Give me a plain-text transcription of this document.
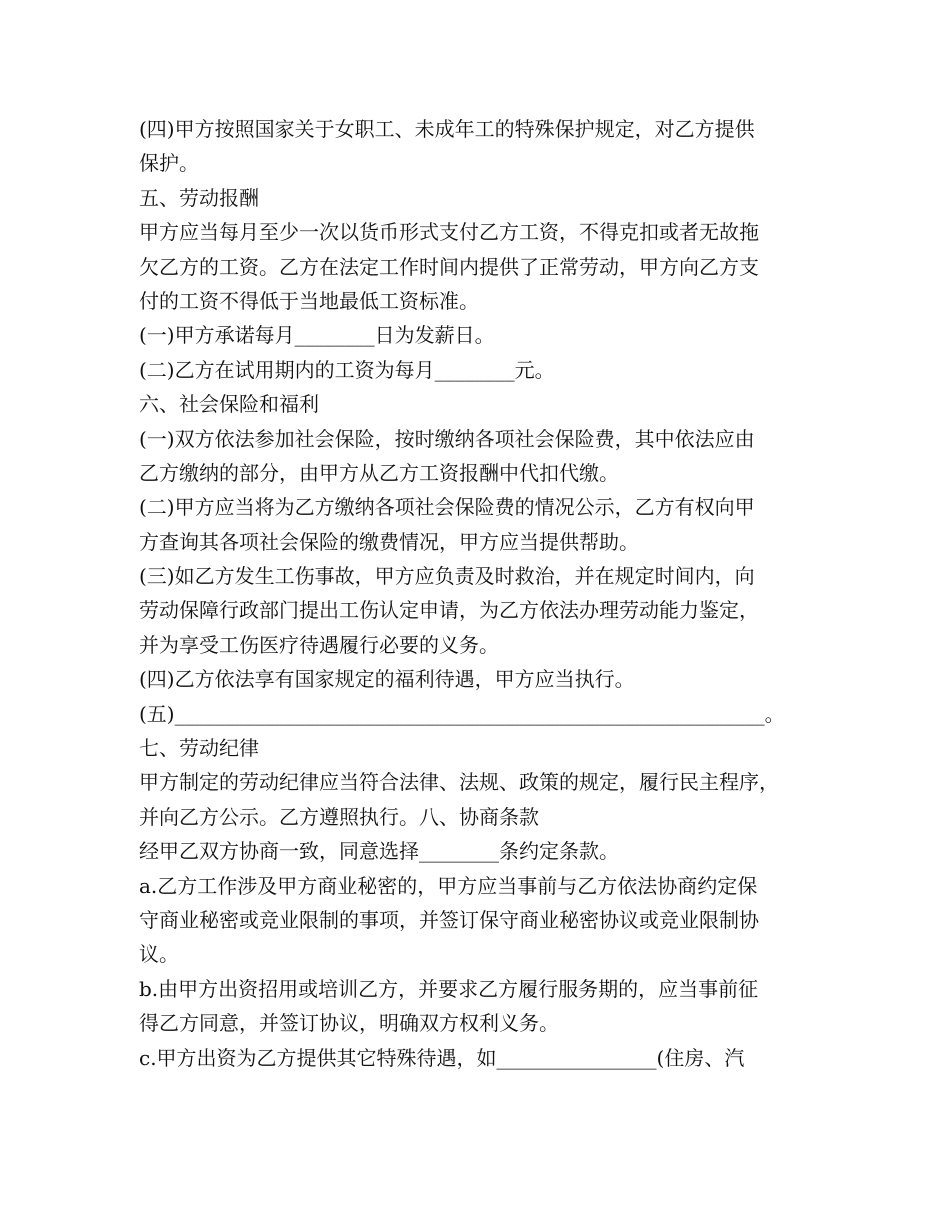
(四)甲方按照国家关于女职工、未成年工的特殊保护规定，对乙方提供
保护。
五、劳动报酬
甲方应当每月至少一次以货币形式支付乙方工资，不得克扣或者无故拖
欠乙方的工资。乙方在法定工作时间内提供了正常劳动，甲方向乙方支
付的工资不得低于当地最低工资标准。
(一)甲方承诺每月________日为发薪日。
(二)乙方在试用期内的工资为每月________元。
六、社会保险和福利
(一)双方依法参加社会保险，按时缴纳各项社会保险费，其中依法应由
乙方缴纳的部分，由甲方从乙方工资报酬中代扣代缴。
(二)甲方应当将为乙方缴纳各项社会保险费的情况公示，乙方有权向甲
方查询其各项社会保险的缴费情况，甲方应当提供帮助。
(三)如乙方发生工伤事故，甲方应负责及时救治，并在规定时间内，向
劳动保障行政部门提出工伤认定申请，为乙方依法办理劳动能力鉴定，
并为享受工伤医疗待遇履行必要的义务。
(四)乙方依法享有国家规定的福利待遇，甲方应当执行。
(五)___________________________________________________________。
七、劳动纪律
甲方制定的劳动纪律应当符合法律、法规、政策的规定，履行民主程序，
并向乙方公示。乙方遵照执行。八、协商条款
经甲乙双方协商一致，同意选择________条约定条款。
a.乙方工作涉及甲方商业秘密的，甲方应当事前与乙方依法协商约定保
守商业秘密或竞业限制的事项，并签订保守商业秘密协议或竞业限制协
议。
b.由甲方出资招用或培训乙方，并要求乙方履行服务期的，应当事前征
得乙方同意，并签订协议，明确双方权利义务。
c.甲方出资为乙方提供其它特殊待遇，如________________(住房、汽
